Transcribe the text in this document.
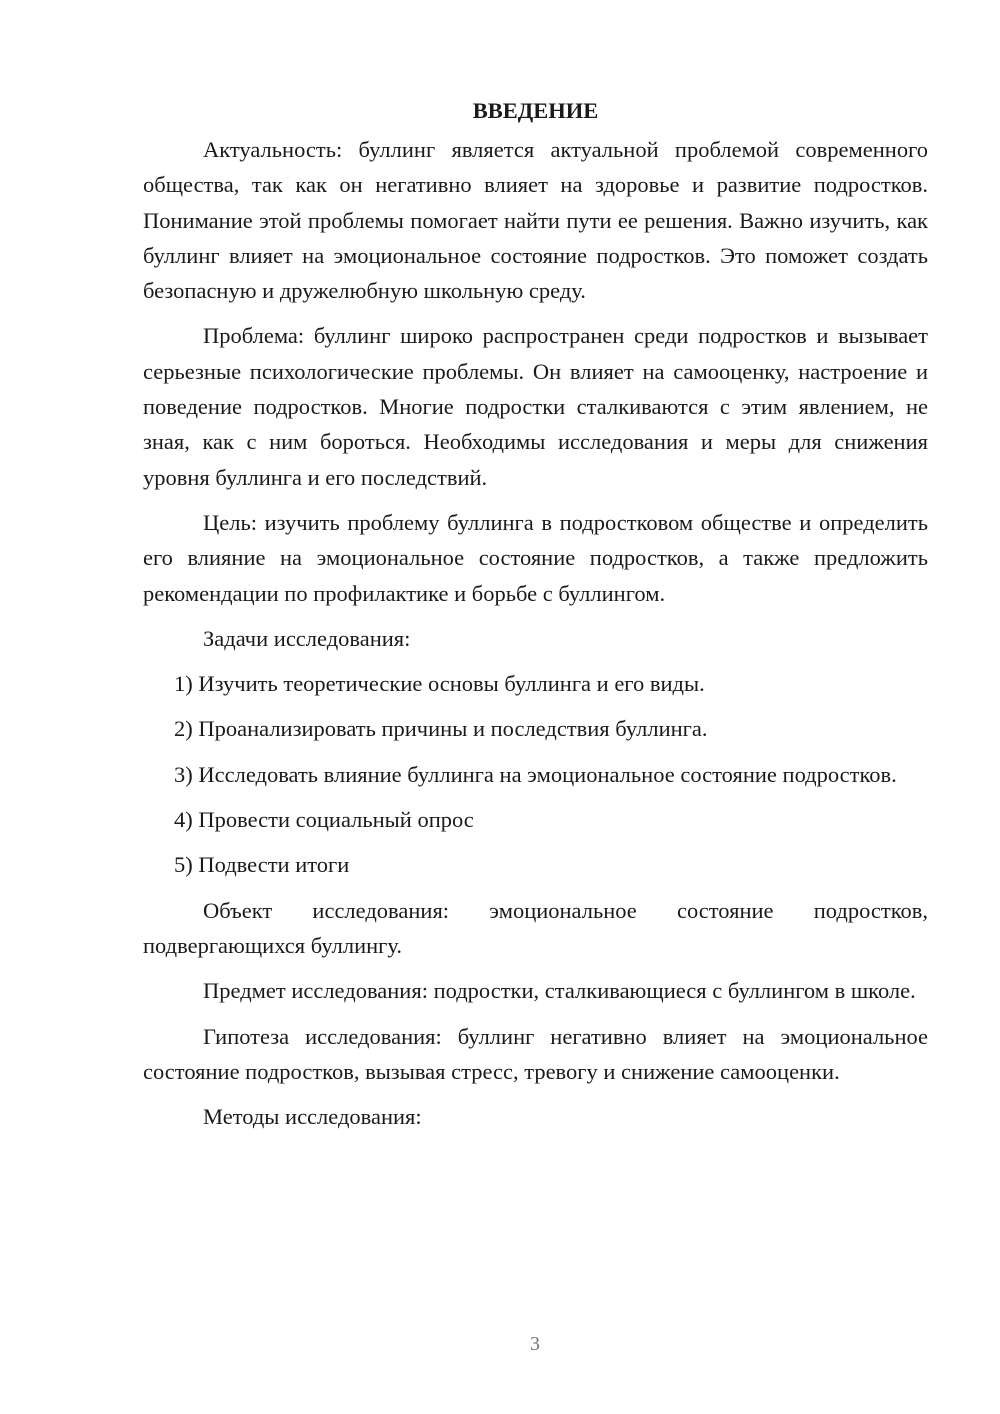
ВВЕДЕНИЕ

Актуальность: буллинг является актуальной проблемой современного общества, так как он негативно влияет на здоровье и развитие подростков. Понимание этой проблемы помогает найти пути ее решения. Важно изучить, как буллинг влияет на эмоциональное состояние подростков. Это поможет создать безопасную и дружелюбную школьную среду.

Проблема: буллинг широко распространен среди подростков и вызывает серьезные психологические проблемы. Он влияет на самооценку, настроение и поведение подростков. Многие подростки сталкиваются с этим явлением, не зная, как с ним бороться. Необходимы исследования и меры для снижения уровня буллинга и его последствий.

Цель: изучить проблему буллинга в подростковом обществе и определить его влияние на эмоциональное состояние подростков, а также предложить рекомендации по профилактике и борьбе с буллингом.

Задачи исследования:

1) Изучить теоретические основы буллинга и его виды.

2) Проанализировать причины и последствия буллинга.

3) Исследовать влияние буллинга на эмоциональное состояние подростков.

4) Провести социальный опрос

5) Подвести итоги

Объект исследования: эмоциональное состояние подростков, подвергающихся буллингу.

Предмет исследования: подростки, сталкивающиеся с буллингом в школе.

Гипотеза исследования: буллинг негативно влияет на эмоциональное состояние подростков, вызывая стресс, тревогу и снижение самооценки.

Методы исследования:

3
